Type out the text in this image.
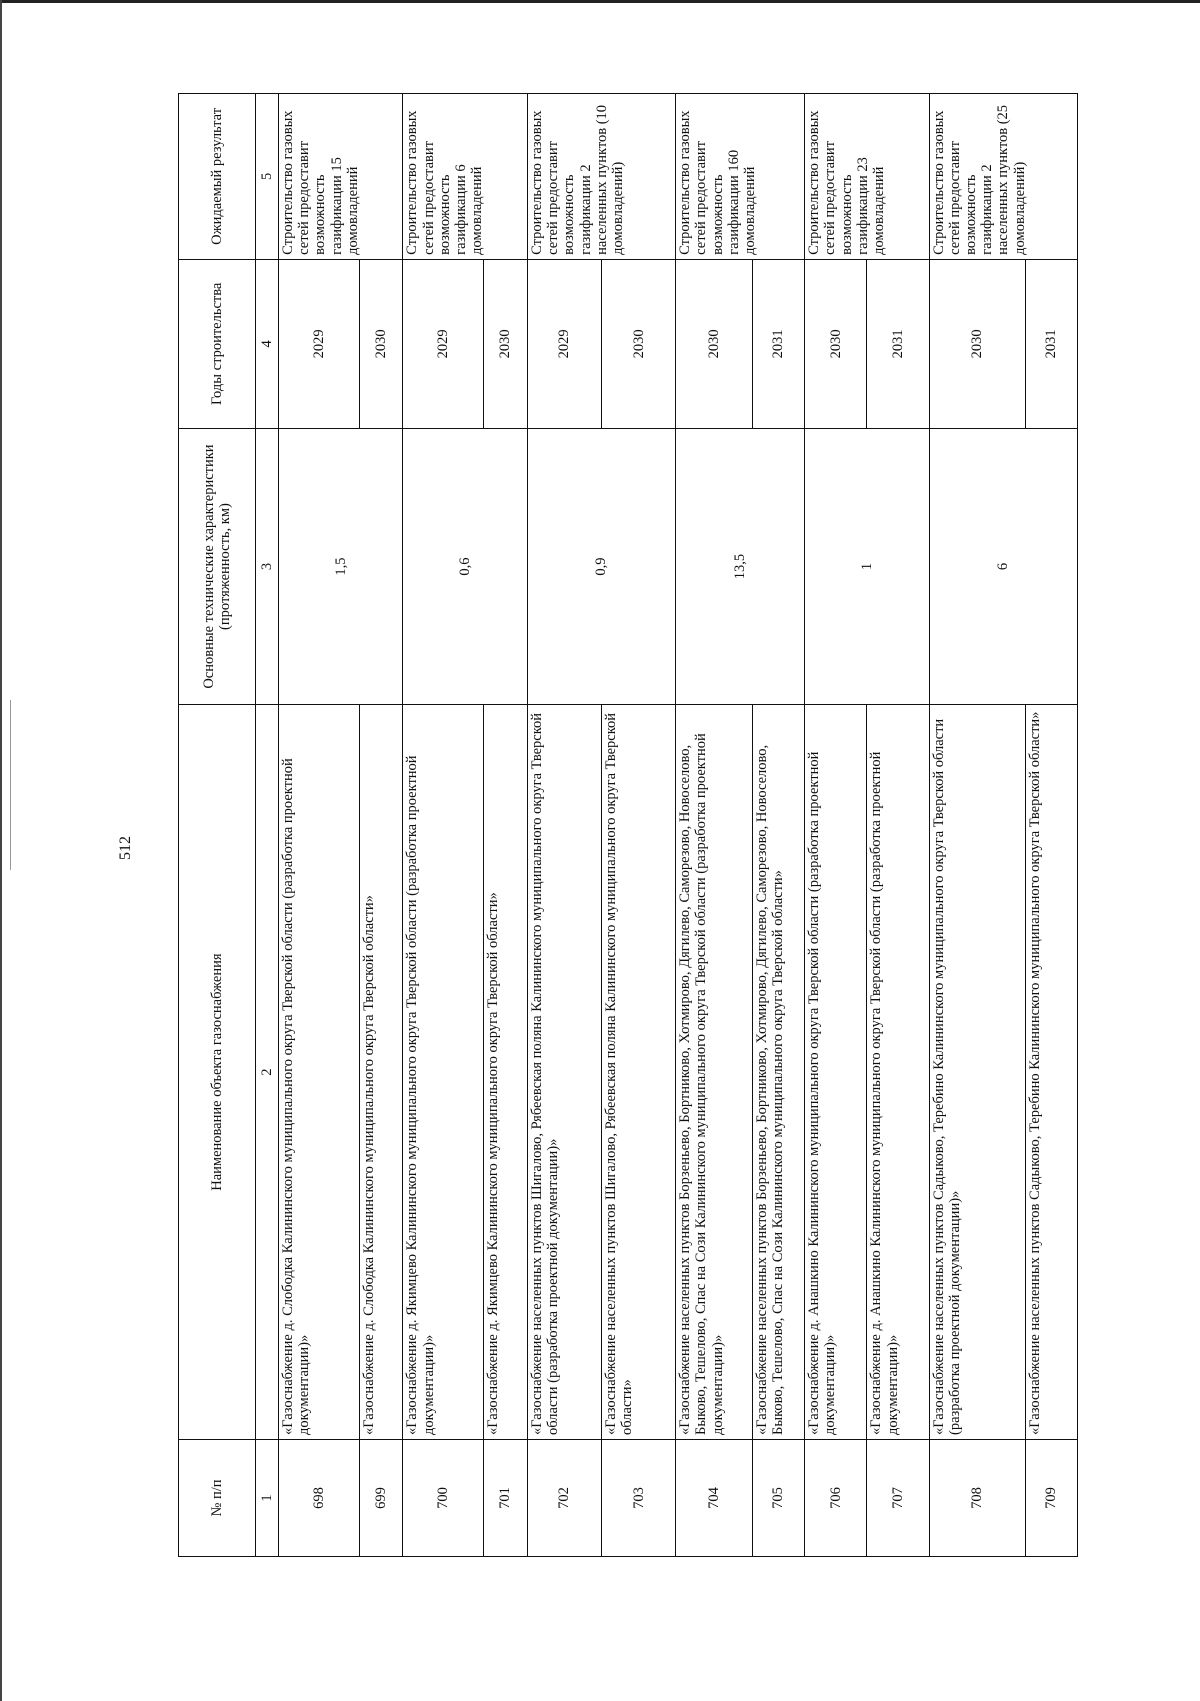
512
№ п/п	Наименование объекта газоснабжения	Основные технические характеристики (протяженность, км)	Годы строительства	Ожидаемый результат
1	2	3	4	5
698	«Газоснабжение д. Слободка Калининского муниципального округа Тверской области (разработка проектной документации)»	1,5	2029	Строительство газовых сетей предоставит возможность газификации 15 домовладений
699	«Газоснабжение д. Слободка Калининского муниципального округа Тверской области»		2030	
700	«Газоснабжение д. Якимцево Калининского муниципального округа Тверской области (разработка проектной документации)»	0,6	2029	Строительство газовых сетей предоставит возможность газификации 6 домовладений
701	«Газоснабжение д. Якимцево Калининского муниципального округа Тверской области»		2030	
702	«Газоснабжение населенных пунктов Шигалово, Рябеевская поляна Калининского муниципального округа Тверской области (разработка проектной документации)»	0,9	2029	Строительство газовых сетей предоставит возможность газификации 2 населенных пунктов (10 домовладений)
703	«Газоснабжение населенных пунктов Шигалово, Рябеевская поляна Калининского муниципального округа Тверской области»		2030	
704	«Газоснабжение населенных пунктов Борзеньево, Бортниково, Хотмирово, Дягилево, Саморезово, Новоселово, Быково, Тешелово, Спас на Сози Калининского муниципального округа Тверской области (разработка проектной документации)»	13,5	2030	Строительство газовых сетей предоставит возможность газификации 160 домовладений
705	«Газоснабжение населенных пунктов Борзеньево, Бортниково, Хотмирово, Дягилево, Саморезово, Новоселово, Быково, Тешелово, Спас на Сози Калининского муниципального округа Тверской области»		2031	
706	«Газоснабжение д. Анашкино Калининского муниципального округа Тверской области (разработка проектной документации)»	1	2030	Строительство газовых сетей предоставит возможность газификации 23 домовладений
707	«Газоснабжение д. Анашкино Калининского муниципального округа Тверской области (разработка проектной документации)»		2031	
708	«Газоснабжение населенных пунктов Садыково, Теребино Калининского муниципального округа Тверской области (разработка проектной документации)»	6	2030	Строительство газовых сетей предоставит возможность газификации 2 населенных пунктов (25 домовладений)
709	«Газоснабжение населенных пунктов Садыково, Теребино Калининского муниципального округа Тверской области»		2031	
